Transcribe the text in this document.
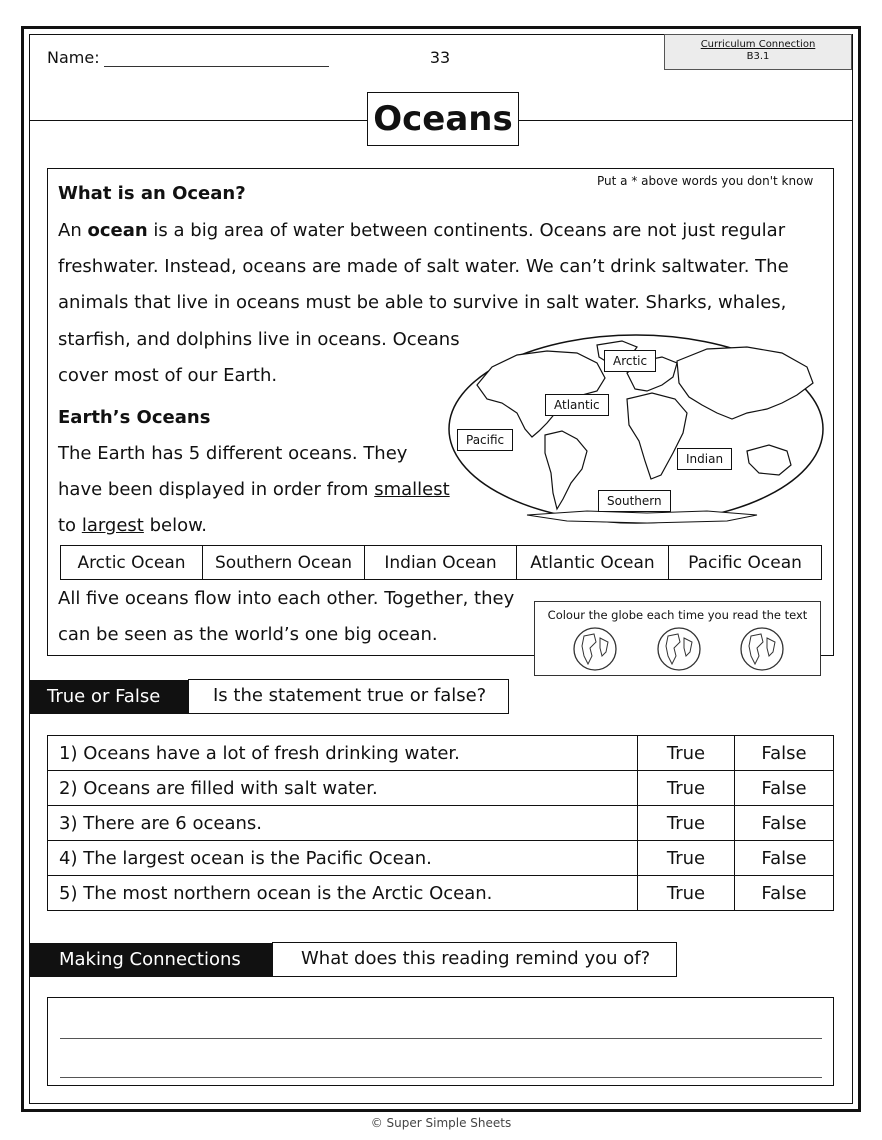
Name:	33
Curriculum Connection
B3.1
Oceans
Put a * above words you don't know
What is an Ocean?
An ocean is a big area of water between continents. Oceans are not just regular
freshwater. Instead, oceans are made of salt water. We can’t drink saltwater. The
animals that live in oceans must be able to survive in salt water. Sharks, whales,
starfish, and dolphins live in oceans. Oceans
cover most of our Earth.
Earth’s Oceans
The Earth has 5 different oceans. They
have been displayed in order from smallest
to largest below.
Arctic
Atlantic
Pacific
Indian
Southern
Arctic Ocean	Southern Ocean	Indian Ocean	Atlantic Ocean	Pacific Ocean
All five oceans flow into each other. Together, they
can be seen as the world’s one big ocean.
Colour the globe each time you read the text
True or False	Is the statement true or false?
1) Oceans have a lot of fresh drinking water.	True	False
2) Oceans are filled with salt water.	True	False
3) There are 6 oceans.	True	False
4) The largest ocean is the Pacific Ocean.	True	False
5) The most northern ocean is the Arctic Ocean.	True	False
Making Connections	What does this reading remind you of?
© Super Simple Sheets
